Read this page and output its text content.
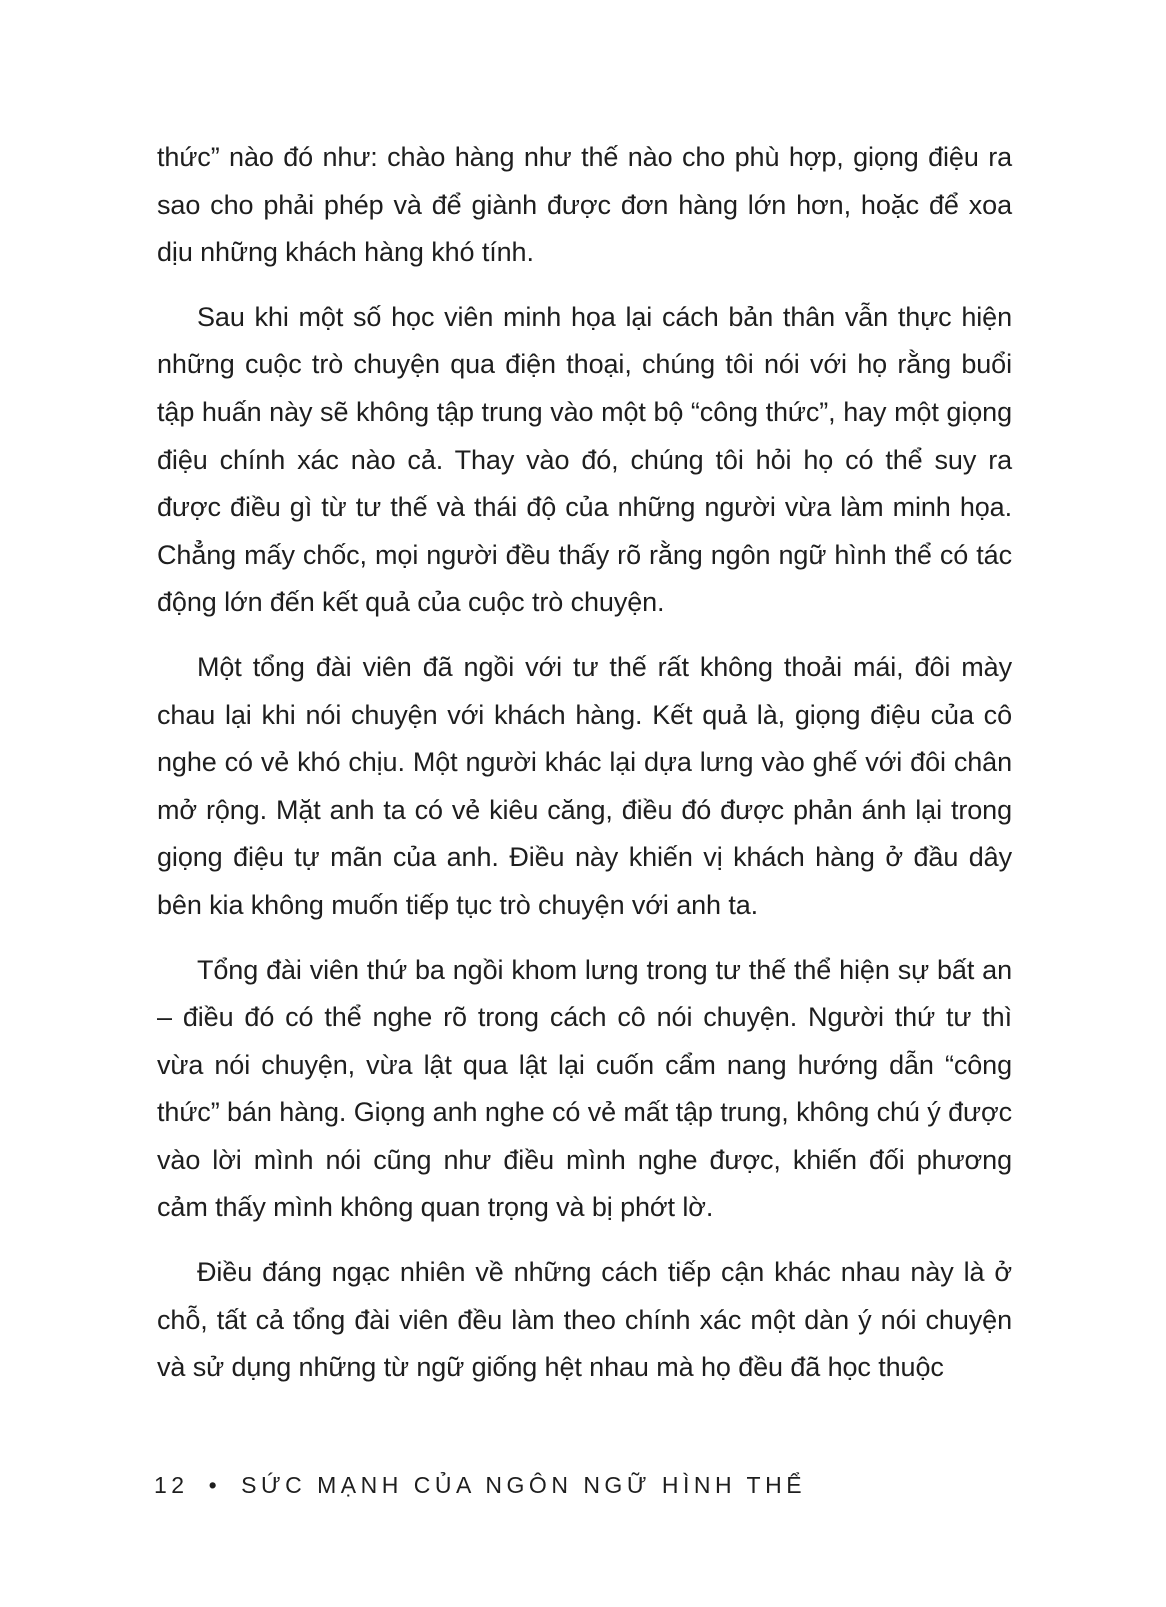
thức” nào đó như: chào hàng như thế nào cho phù hợp, giọng điệu ra sao cho phải phép và để giành được đơn hàng lớn hơn, hoặc để xoa dịu những khách hàng khó tính.

Sau khi một số học viên minh họa lại cách bản thân vẫn thực hiện những cuộc trò chuyện qua điện thoại, chúng tôi nói với họ rằng buổi tập huấn này sẽ không tập trung vào một bộ “công thức”, hay một giọng điệu chính xác nào cả. Thay vào đó, chúng tôi hỏi họ có thể suy ra được điều gì từ tư thế và thái độ của những người vừa làm minh họa. Chẳng mấy chốc, mọi người đều thấy rõ rằng ngôn ngữ hình thể có tác động lớn đến kết quả của cuộc trò chuyện.

Một tổng đài viên đã ngồi với tư thế rất không thoải mái, đôi mày chau lại khi nói chuyện với khách hàng. Kết quả là, giọng điệu của cô nghe có vẻ khó chịu. Một người khác lại dựa lưng vào ghế với đôi chân mở rộng. Mặt anh ta có vẻ kiêu căng, điều đó được phản ánh lại trong giọng điệu tự mãn của anh. Điều này khiến vị khách hàng ở đầu dây bên kia không muốn tiếp tục trò chuyện với anh ta.

Tổng đài viên thứ ba ngồi khom lưng trong tư thế thể hiện sự bất an – điều đó có thể nghe rõ trong cách cô nói chuyện. Người thứ tư thì vừa nói chuyện, vừa lật qua lật lại cuốn cẩm nang hướng dẫn “công thức” bán hàng. Giọng anh nghe có vẻ mất tập trung, không chú ý được vào lời mình nói cũng như điều mình nghe được, khiến đối phương cảm thấy mình không quan trọng và bị phớt lờ.

Điều đáng ngạc nhiên về những cách tiếp cận khác nhau này là ở chỗ, tất cả tổng đài viên đều làm theo chính xác một dàn ý nói chuyện và sử dụng những từ ngữ giống hệt nhau mà họ đều đã học thuộc

12 • SỨC MẠNH CỦA NGÔN NGỮ HÌNH THỂ
